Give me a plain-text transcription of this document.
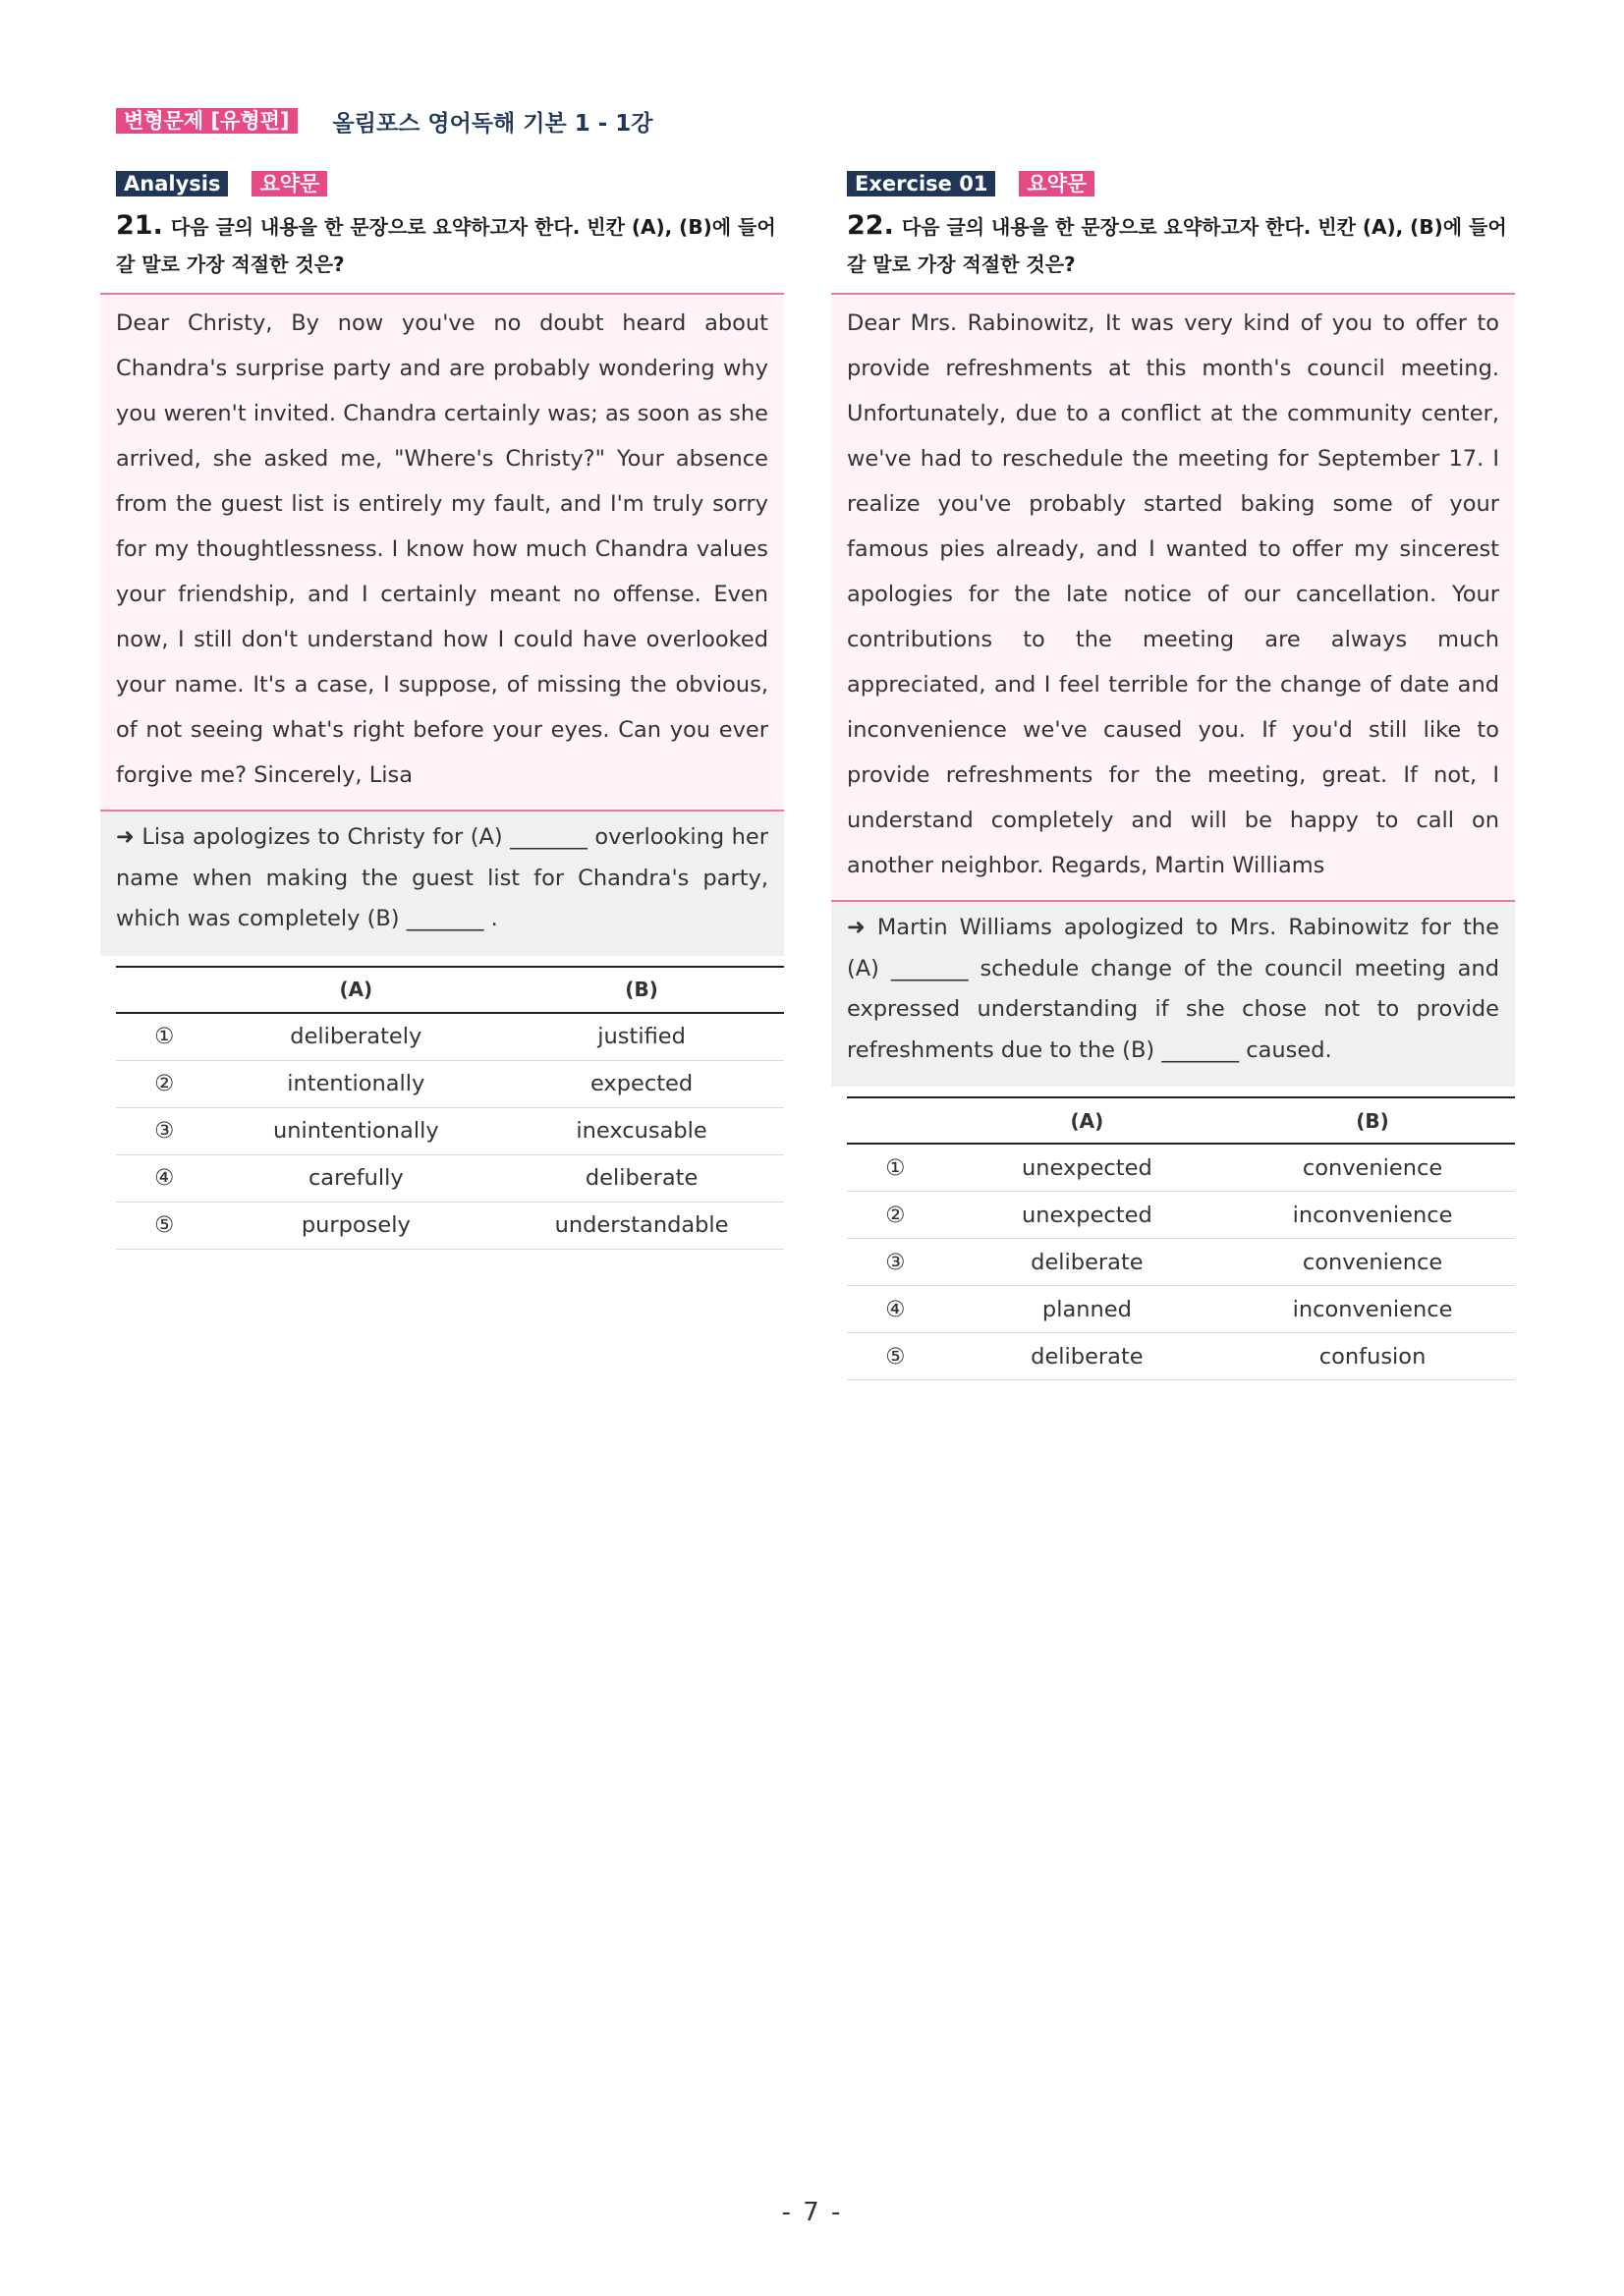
변형문제 [유형편]	올림포스 영어독해 기본 1 - 1강
Analysis	요약문
21. 다음 글의 내용을 한 문장으로 요약하고자 한다. 빈칸 (A), (B)에 들어갈 말로 가장 적절한 것은?
Dear Christy, By now you've no doubt heard about Chandra's surprise party and are probably wondering why you weren't invited. Chandra certainly was; as soon as she arrived, she asked me, "Where's Christy?" Your absence from the guest list is entirely my fault, and I'm truly sorry for my thoughtlessness. I know how much Chandra values your friendship, and I certainly meant no offense. Even now, I still don't understand how I could have overlooked your name. It's a case, I suppose, of missing the obvious, of not seeing what's right before your eyes. Can you ever forgive me? Sincerely, Lisa
➜ Lisa apologizes to Christy for (A) _______ overlooking her name when making the guest list for Chandra's party, which was completely (B) _______ .
	(A)	(B)
①	deliberately	justified
②	intentionally	expected
③	unintentionally	inexcusable
④	carefully	deliberate
⑤	purposely	understandable
Exercise 01	요약문
22. 다음 글의 내용을 한 문장으로 요약하고자 한다. 빈칸 (A), (B)에 들어갈 말로 가장 적절한 것은?
Dear Mrs. Rabinowitz, It was very kind of you to offer to provide refreshments at this month's council meeting. Unfortunately, due to a conflict at the community center, we've had to reschedule the meeting for September 17. I realize you've probably started baking some of your famous pies already, and I wanted to offer my sincerest apologies for the late notice of our cancellation. Your contributions to the meeting are always much appreciated, and I feel terrible for the change of date and inconvenience we've caused you. If you'd still like to provide refreshments for the meeting, great. If not, I understand completely and will be happy to call on another neighbor. Regards, Martin Williams
➜ Martin Williams apologized to Mrs. Rabinowitz for the (A) _______ schedule change of the council meeting and expressed understanding if she chose not to provide refreshments due to the (B) _______ caused.
	(A)	(B)
①	unexpected	convenience
②	unexpected	inconvenience
③	deliberate	convenience
④	planned	inconvenience
⑤	deliberate	confusion
- 7 -
